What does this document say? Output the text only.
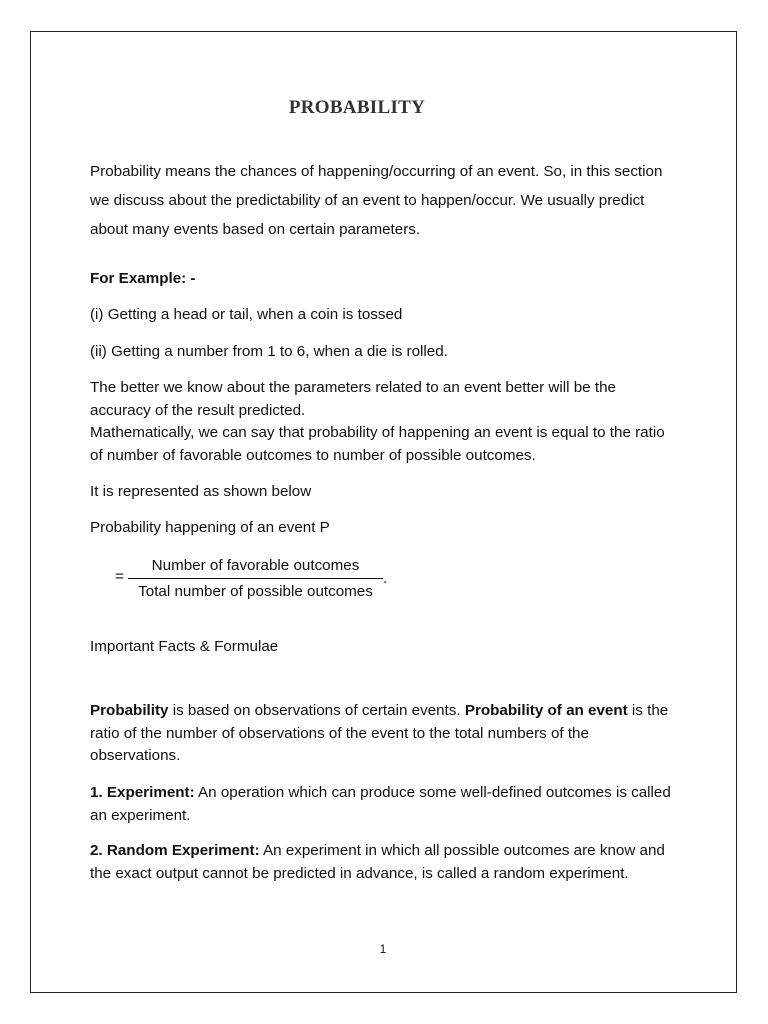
PROBABILITY
Probability means the chances of happening/occurring of an event. So, in this section we discuss about the predictability of an event to happen/occur. We usually predict about many events based on certain parameters.
For Example: -
(i) Getting a head or tail, when a coin is tossed
(ii) Getting a number from 1 to 6, when a die is rolled.
The better we know about the parameters related to an event better will be the accuracy of the result predicted.
Mathematically, we can say that probability of happening an event is equal to the ratio of number of favorable outcomes to number of possible outcomes.
It is represented as shown below
Probability happening of an event P
=
Number of favorable outcomes
Total number of possible outcomes
.
Important Facts & Formulae
Probability is based on observations of certain events. Probability of an event is the ratio of the number of observations of the event to the total numbers of the observations.
1. Experiment: An operation which can produce some well-defined outcomes is called an experiment.
2. Random Experiment: An experiment in which all possible outcomes are know and the exact output cannot be predicted in advance, is called a random experiment.
1
